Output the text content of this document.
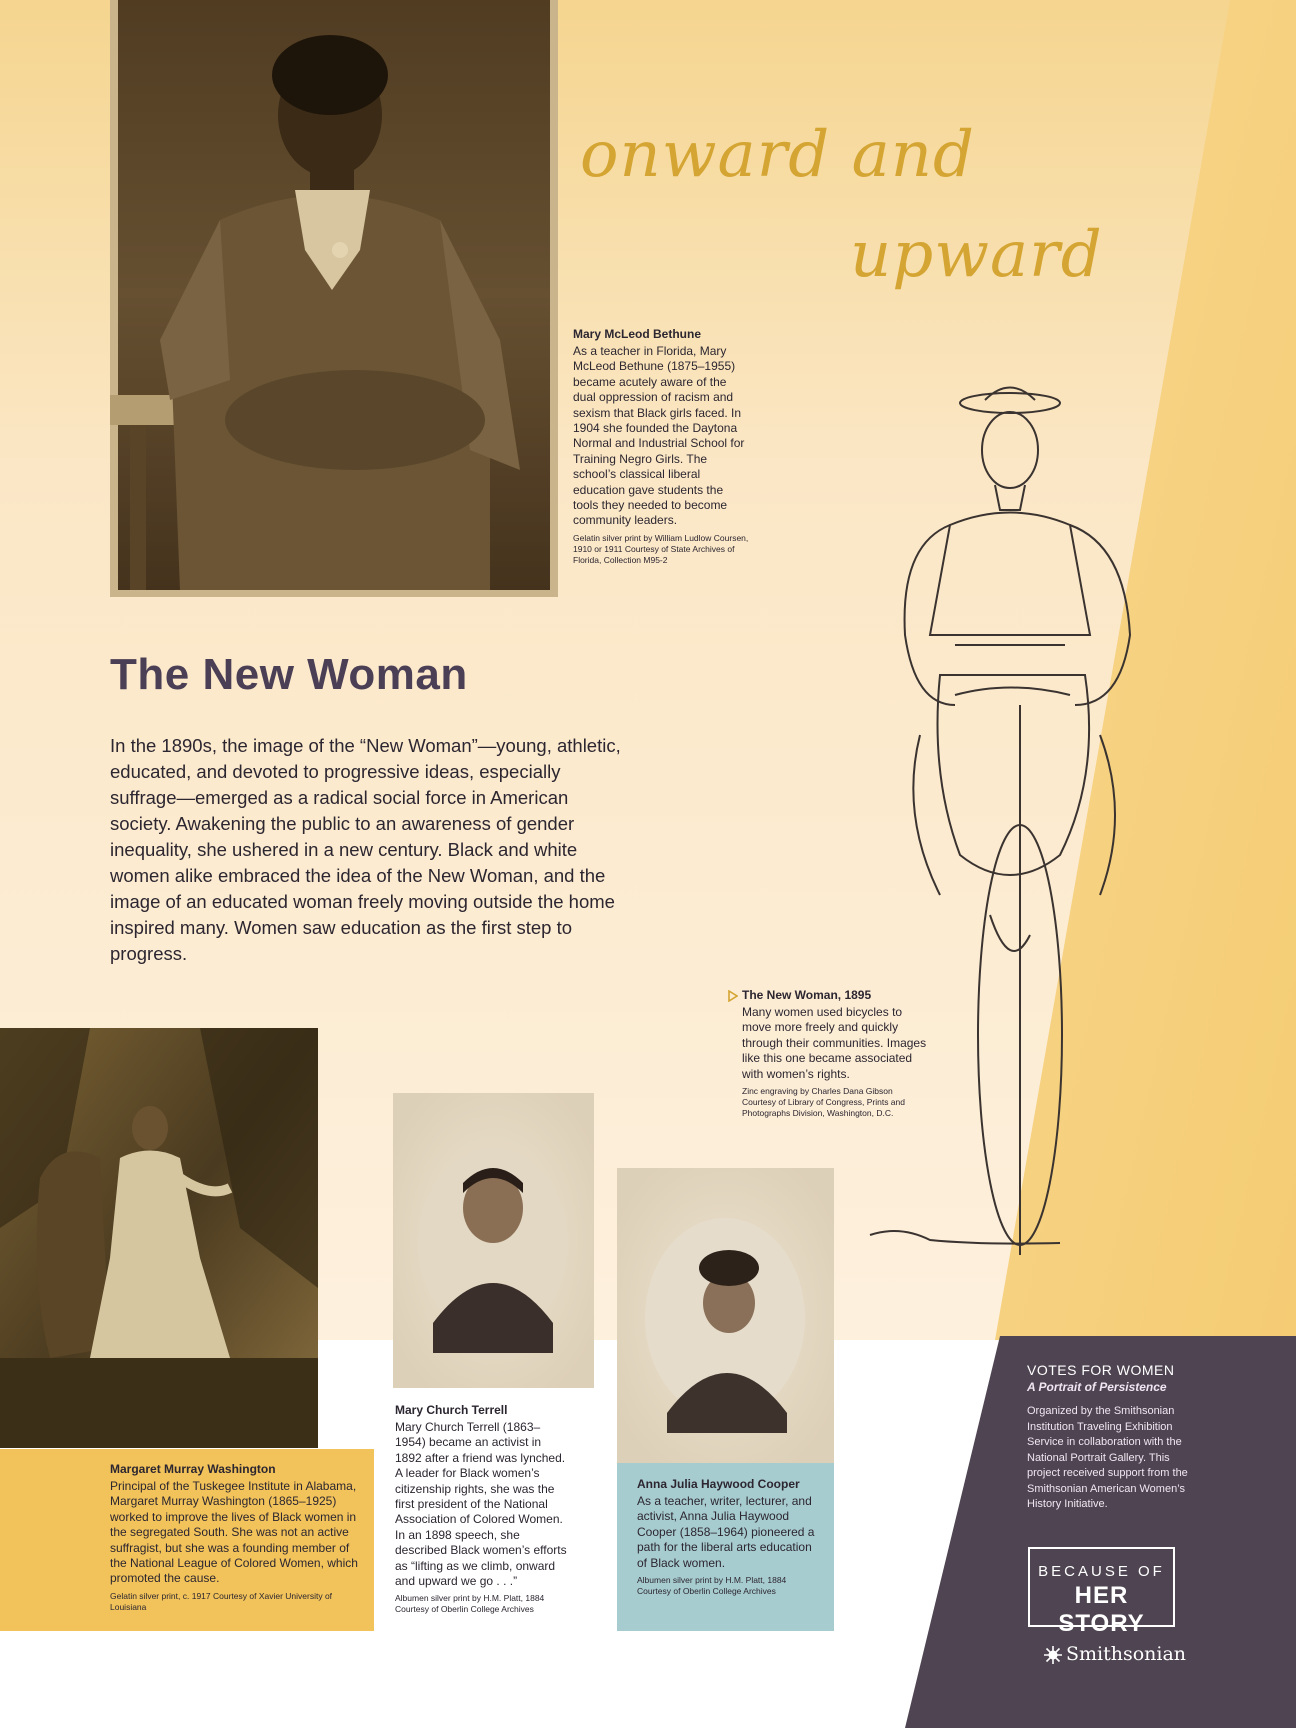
onward and
upward

Mary McLeod Bethune

As a teacher in Florida, Mary McLeod Bethune (1875–1955) became acutely aware of the dual oppression of racism and sexism that Black girls faced. In 1904 she founded the Daytona Normal and Industrial School for Training Negro Girls. The school’s classical liberal education gave students the tools they needed to become community leaders.

Gelatin silver print by William Ludlow Coursen, 1910 or 1911 Courtesy of State Archives of Florida, Collection M95-2

The New Woman

In the 1890s, the image of the “New Woman”—young, athletic, educated, and devoted to progressive ideas, especially suffrage—emerged as a radical social force in American society. Awakening the public to an awareness of gender inequality, she ushered in a new century. Black and white women alike embraced the idea of the New Woman, and the image of an educated woman freely moving outside the home inspired many. Women saw education as the first step to progress.

The New Woman, 1895

Many women used bicycles to move more freely and quickly through their communities. Images like this one became associated with women’s rights.

Zinc engraving by Charles Dana Gibson Courtesy of Library of Congress, Prints and Photographs Division, Washington, D.C.

Margaret Murray Washington

Principal of the Tuskegee Institute in Alabama, Margaret Murray Washington (1865–1925) worked to improve the lives of Black women in the segregated South. She was not an active suffragist, but she was a founding member of the National League of Colored Women, which promoted the cause.

Gelatin silver print, c. 1917 Courtesy of Xavier University of Louisiana

Mary Church Terrell

Mary Church Terrell (1863–1954) became an activist in 1892 after a friend was lynched. A leader for Black women’s citizenship rights, she was the first president of the National Association of Colored Women. In an 1898 speech, she described Black women’s efforts as “lifting as we climb, onward and upward we go . . .”

Albumen silver print by H.M. Platt, 1884 Courtesy of Oberlin College Archives

Anna Julia Haywood Cooper

As a teacher, writer, lecturer, and activist, Anna Julia Haywood Cooper (1858–1964) pioneered a path for the liberal arts education of Black women.

Albumen silver print by H.M. Platt, 1884 Courtesy of Oberlin College Archives

VOTES FOR WOMEN

A Portrait of Persistence

Organized by the Smithsonian Institution Traveling Exhibition Service in collaboration with the National Portrait Gallery. This project received support from the Smithsonian American Women’s History Initiative.

BECAUSE OF
HER STORY
Smithsonian
